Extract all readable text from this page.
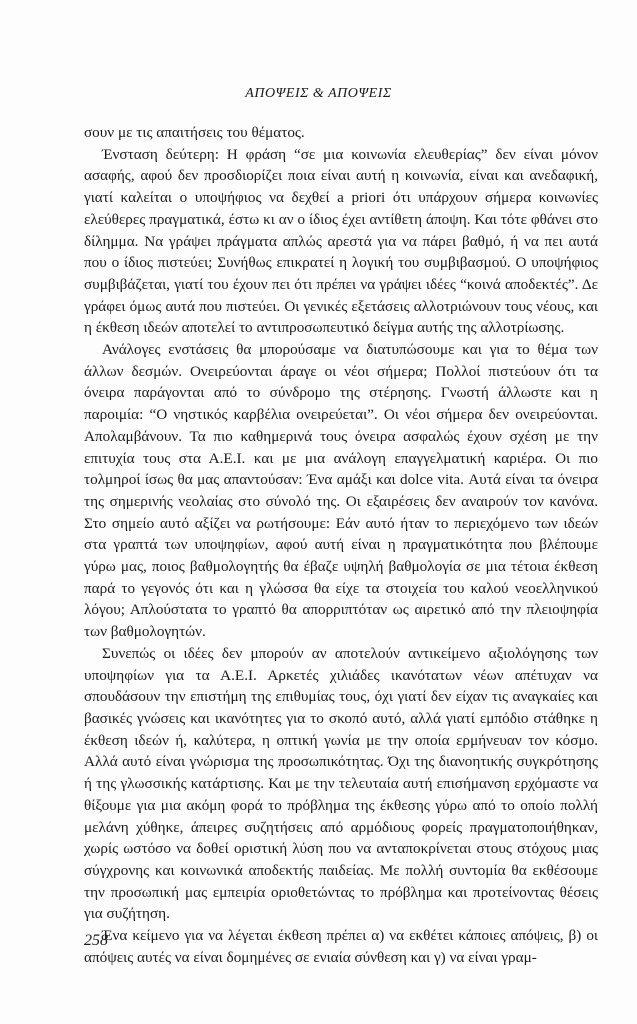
ΑΠΟΨΕΙΣ & ΑΠΟΨΕΙΣ

σουν με τις απαιτήσεις του θέματος.

Ένσταση δεύτερη: Η φράση “σε μια κοινωνία ελευθερίας” δεν είναι μόνον ασαφής, αφού δεν προσδιορίζει ποια είναι αυτή η κοινωνία, είναι και ανεδαφική, γιατί καλείται ο υποψήφιος να δεχθεί a priori ότι υπάρχουν σήμερα κοινωνίες ελεύθερες πραγματικά, έστω κι αν ο ίδιος έχει αντίθετη άποψη. Και τότε φθάνει στο δίλημμα. Να γράψει πράγματα απλώς αρεστά για να πάρει βαθμό, ή να πει αυτά που ο ίδιος πιστεύει; Συνήθως επικρατεί η λογική του συμβιβασμού. Ο υποψήφιος συμβιβάζεται, γιατί του έχουν πει ότι πρέπει να γράψει ιδέες “κοινά αποδεκτές”. Δε γράφει όμως αυτά που πιστεύει. Οι γενικές εξετάσεις αλλοτριώνουν τους νέους, και η έκθεση ιδεών αποτελεί το αντιπροσωπευτικό δείγμα αυτής της αλλοτρίωσης.

Ανάλογες ενστάσεις θα μπορούσαμε να διατυπώσουμε και για το θέμα των άλλων δεσμών. Ονειρεύονται άραγε οι νέοι σήμερα; Πολλοί πιστεύουν ότι τα όνειρα παράγονται από το σύνδρομο της στέρησης. Γνωστή άλλωστε και η παροιμία: “Ο νηστικός καρβέλια ονειρεύεται”. Οι νέοι σήμερα δεν ονειρεύονται. Απολαμβάνουν. Τα πιο καθημερινά τους όνειρα ασφαλώς έχουν σχέση με την επιτυχία τους στα Α.Ε.Ι. και με μια ανάλογη επαγγελματική καριέρα. Οι πιο τολμηροί ίσως θα μας απαντούσαν: Ένα αμάξι και dolce vita. Αυτά είναι τα όνειρα της σημερινής νεολαίας στο σύνολό της. Οι εξαιρέσεις δεν αναιρούν τον κανόνα. Στο σημείο αυτό αξίζει να ρωτήσουμε: Εάν αυτό ήταν το περιεχόμενο των ιδεών στα γραπτά των υποψηφίων, αφού αυτή είναι η πραγματικότητα που βλέπουμε γύρω μας, ποιος βαθμολογητής θα έβαζε υψηλή βαθμολογία σε μια τέτοια έκθεση παρά το γεγονός ότι και η γλώσσα θα είχε τα στοιχεία του καλού νεοελληνικού λόγου; Απλούστατα το γραπτό θα απορριπτόταν ως αιρετικό από την πλειοψηφία των βαθμολογητών.

Συνεπώς οι ιδέες δεν μπορούν αν αποτελούν αντικείμενο αξιολόγησης των υποψηφίων για τα Α.Ε.Ι. Αρκετές χιλιάδες ικανότατων νέων απέτυχαν να σπουδάσουν την επιστήμη της επιθυμίας τους, όχι γιατί δεν είχαν τις αναγκαίες και βασικές γνώσεις και ικανότητες για το σκοπό αυτό, αλλά γιατί εμπόδιο στάθηκε η έκθεση ιδεών ή, καλύτερα, η οπτική γωνία με την οποία ερμήνευαν τον κόσμο. Αλλά αυτό είναι γνώρισμα της προσωπικότητας. Όχι της διανοητικής συγκρότησης ή της γλωσσικής κατάρτισης. Και με την τελευταία αυτή επισήμανση ερχόμαστε να θίξουμε για μια ακόμη φορά το πρόβλημα της έκθεσης γύρω από το οποίο πολλή μελάνη χύθηκε, άπειρες συζητήσεις από αρμόδιους φορείς πραγματοποιήθηκαν, χωρίς ωστόσο να δοθεί οριστική λύση που να ανταποκρίνεται στους στόχους μιας σύγχρονης και κοινωνικά αποδεκτής παιδείας. Με πολλή συντομία θα εκθέσουμε την προσωπική μας εμπειρία οριοθετώντας το πρόβλημα και προτείνοντας θέσεις για συζήτηση.

Ένα κείμενο για να λέγεται έκθεση πρέπει α) να εκθέτει κάποιες απόψεις, β) οι απόψεις αυτές να είναι δομημένες σε ενιαία σύνθεση και γ) να είναι γραμ-

258
